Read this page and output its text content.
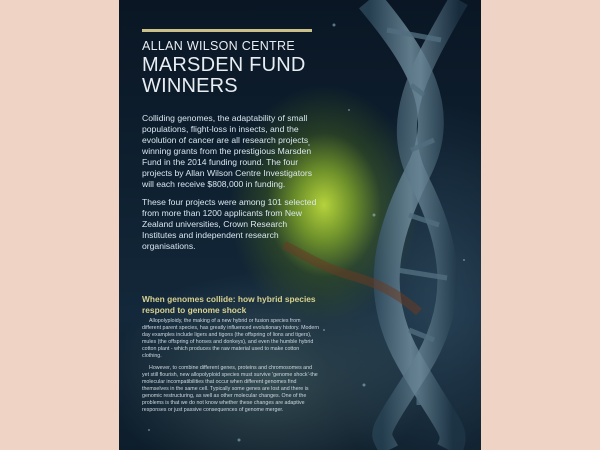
ALLAN WILSON CENTRE
MARSDEN FUND
WINNERS

Colliding genomes, the adaptability of small populations, flight-loss in insects, and the evolution of cancer are all research projects winning grants from the prestigious Marsden Fund in the 2014 funding round. The four projects by Allan Wilson Centre Investigators will each receive $808,000 in funding.

These four projects were among 101 selected from more than 1200 applicants from New Zealand universities, Crown Research Institutes and independent research organisations.

When genomes collide: how hybrid species respond to genome shock

Allopolyploidy, the making of a new hybrid or fusion species from different parent species, has greatly influenced evolutionary history. Modern day examples include ligers and tigons (the offspring of lions and tigers), mules (the offspring of horses and donkeys), and even the humble hybrid cotton plant - which produces the raw material used to make cotton clothing.

However, to combine different genes, proteins and chromosomes and yet still flourish, new allopolyploid species must survive 'genome shock'-the molecular incompatibilities that occur when different genomes find themselves in the same cell. Typically some genes are lost and there is genomic restructuring, as well as other molecular changes. One of the problems is that we do not know whether these changes are adaptive responses or just passive consequences of genome merger.
